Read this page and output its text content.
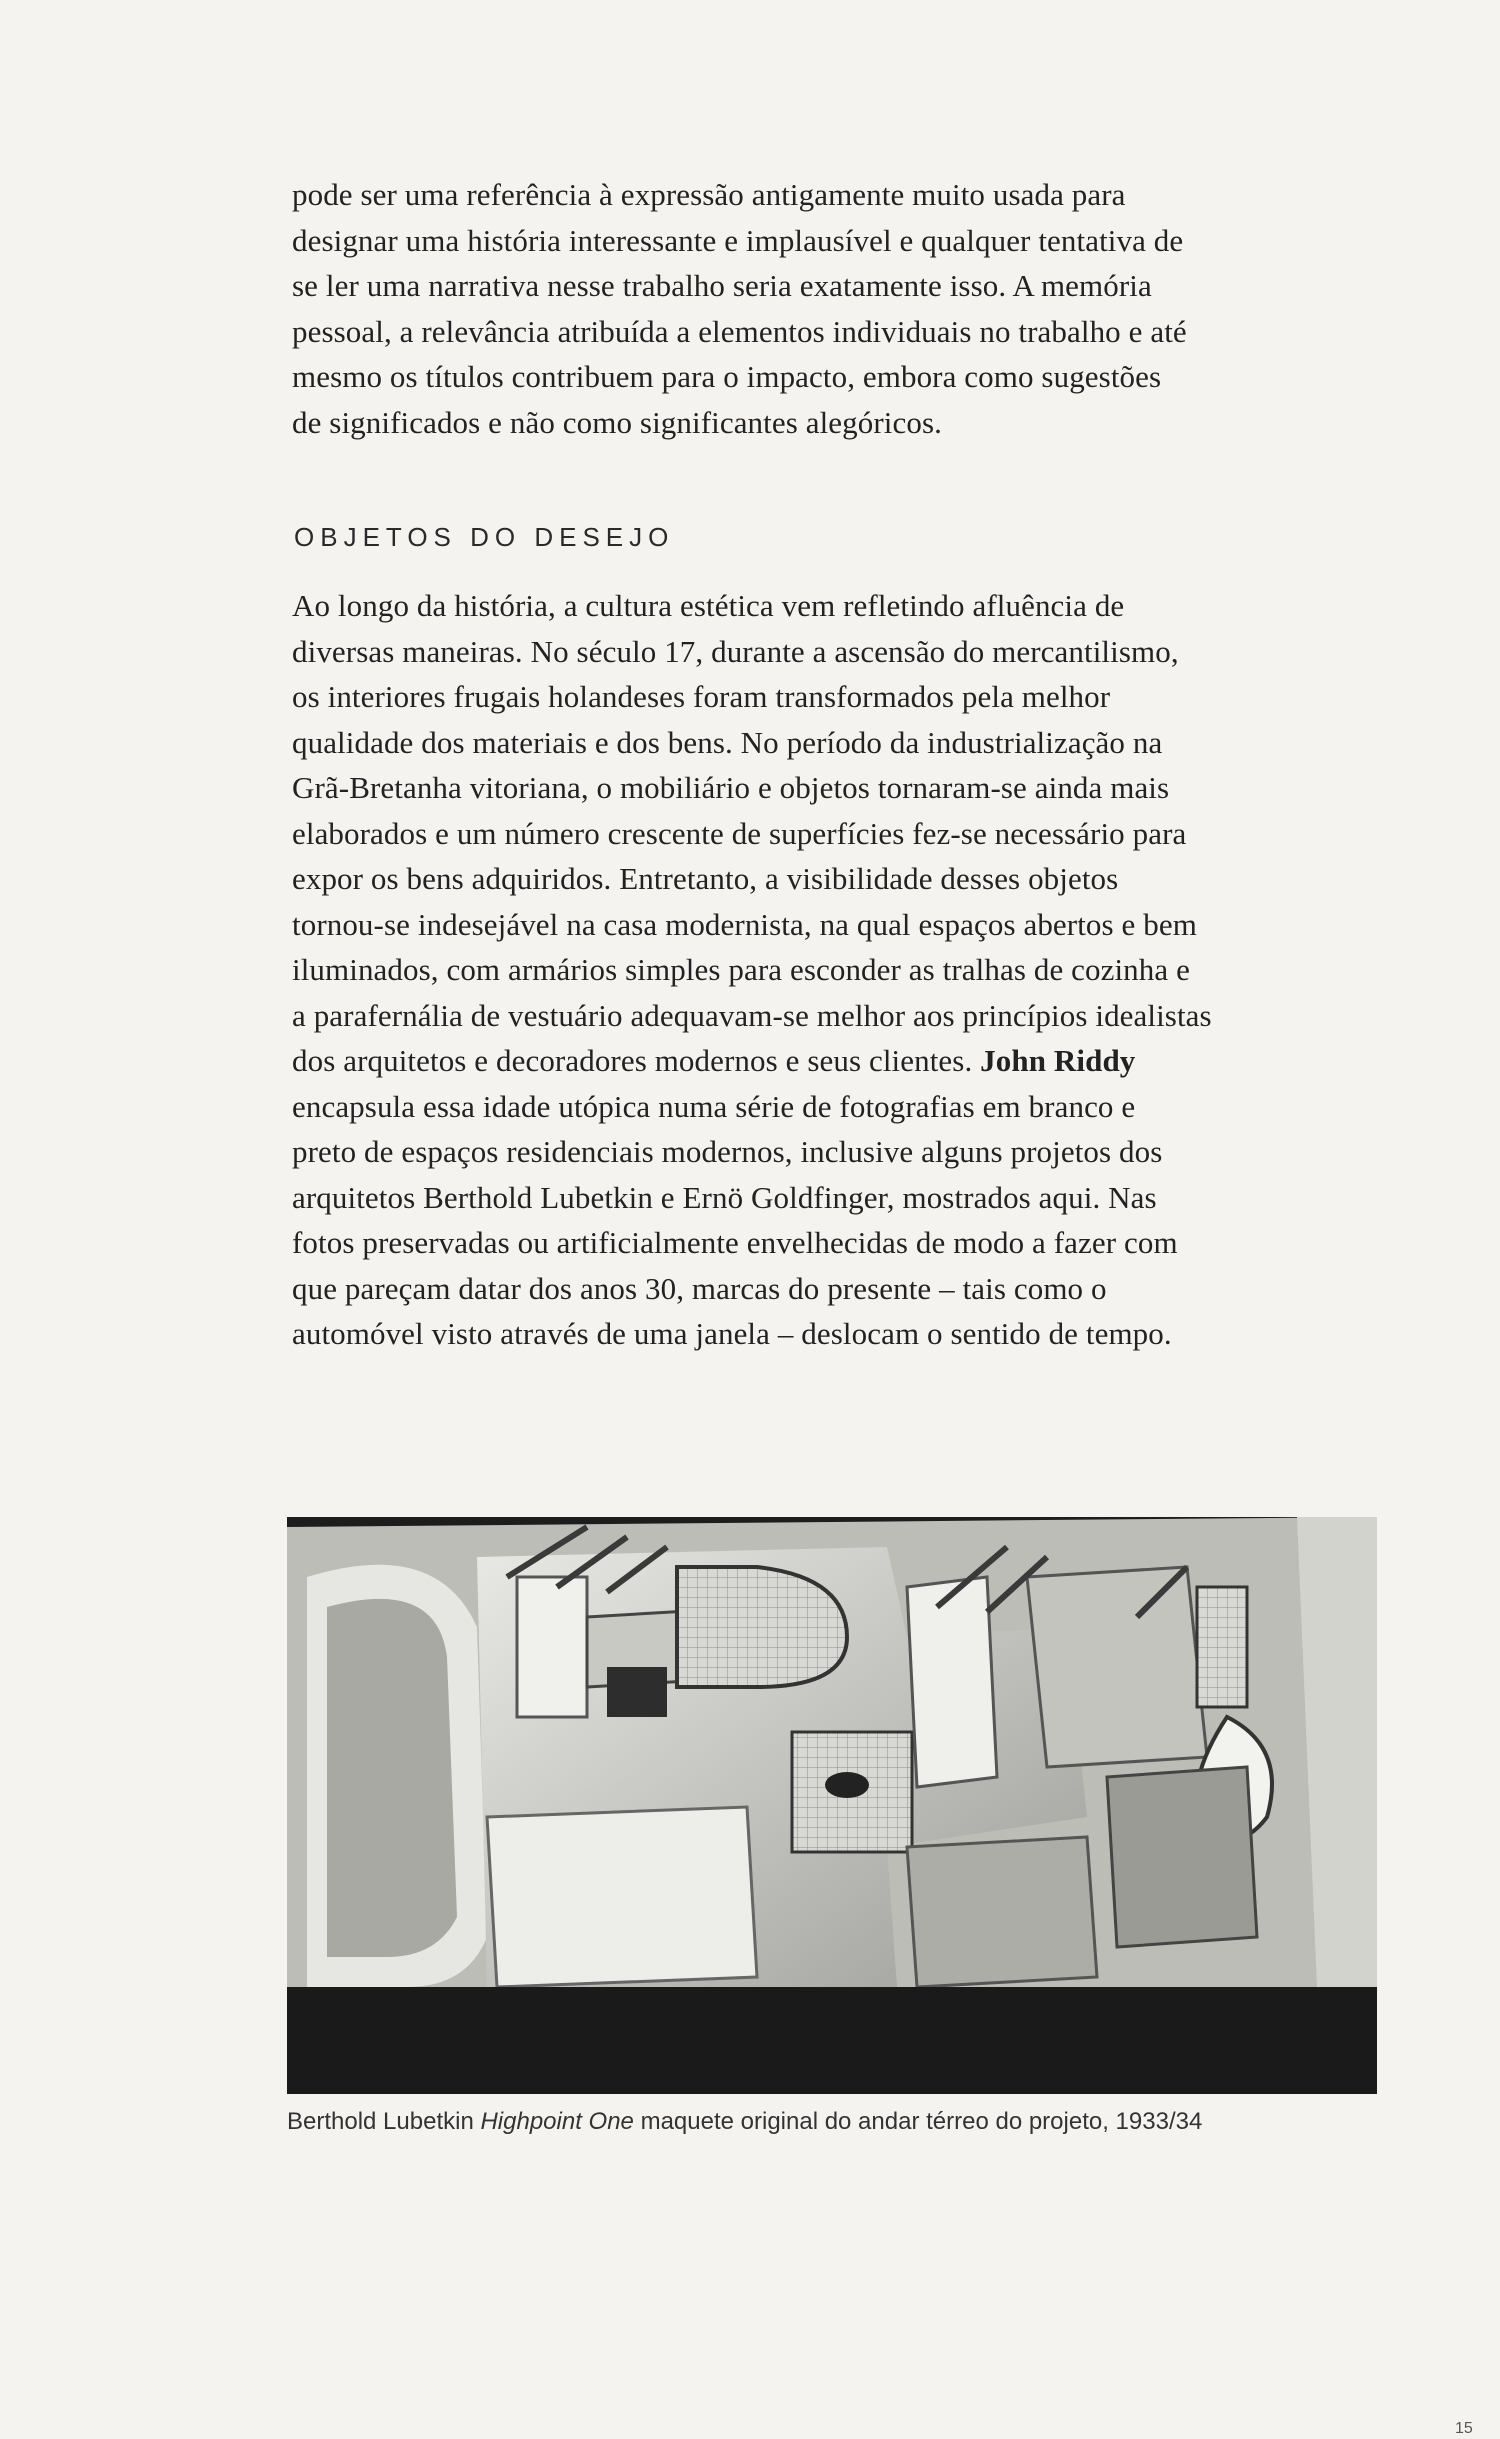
pode ser uma referência à expressão antigamente muito usada para
designar uma história interessante e implausível e qualquer tentativa de
se ler uma narrativa nesse trabalho seria exatamente isso. A memória
pessoal, a relevância atribuída a elementos individuais no trabalho e até
mesmo os títulos contribuem para o impacto, embora como sugestões
de significados e não como significantes alegóricos.
OBJETOS DO DESEJO
Ao longo da história, a cultura estética vem refletindo afluência de
diversas maneiras. No século 17, durante a ascensão do mercantilismo,
os interiores frugais holandeses foram transformados pela melhor
qualidade dos materiais e dos bens. No período da industrialização na
Grã-Bretanha vitoriana, o mobiliário e objetos tornaram-se ainda mais
elaborados e um número crescente de superfícies fez-se necessário para
expor os bens adquiridos. Entretanto, a visibilidade desses objetos
tornou-se indesejável na casa modernista, na qual espaços abertos e bem
iluminados, com armários simples para esconder as tralhas de cozinha e
a parafernália de vestuário adequavam-se melhor aos princípios idealistas
dos arquitetos e decoradores modernos e seus clientes. John Riddy
encapsula essa idade utópica numa série de fotografias em branco e
preto de espaços residenciais modernos, inclusive alguns projetos dos
arquitetos Berthold Lubetkin e Ernö Goldfinger, mostrados aqui. Nas
fotos preservadas ou artificialmente envelhecidas de modo a fazer com
que pareçam datar dos anos 30, marcas do presente – tais como o
automóvel visto através de uma janela – deslocam o sentido de tempo.

Berthold Lubetkin Highpoint One maquete original do andar térreo do projeto, 1933/34

15
